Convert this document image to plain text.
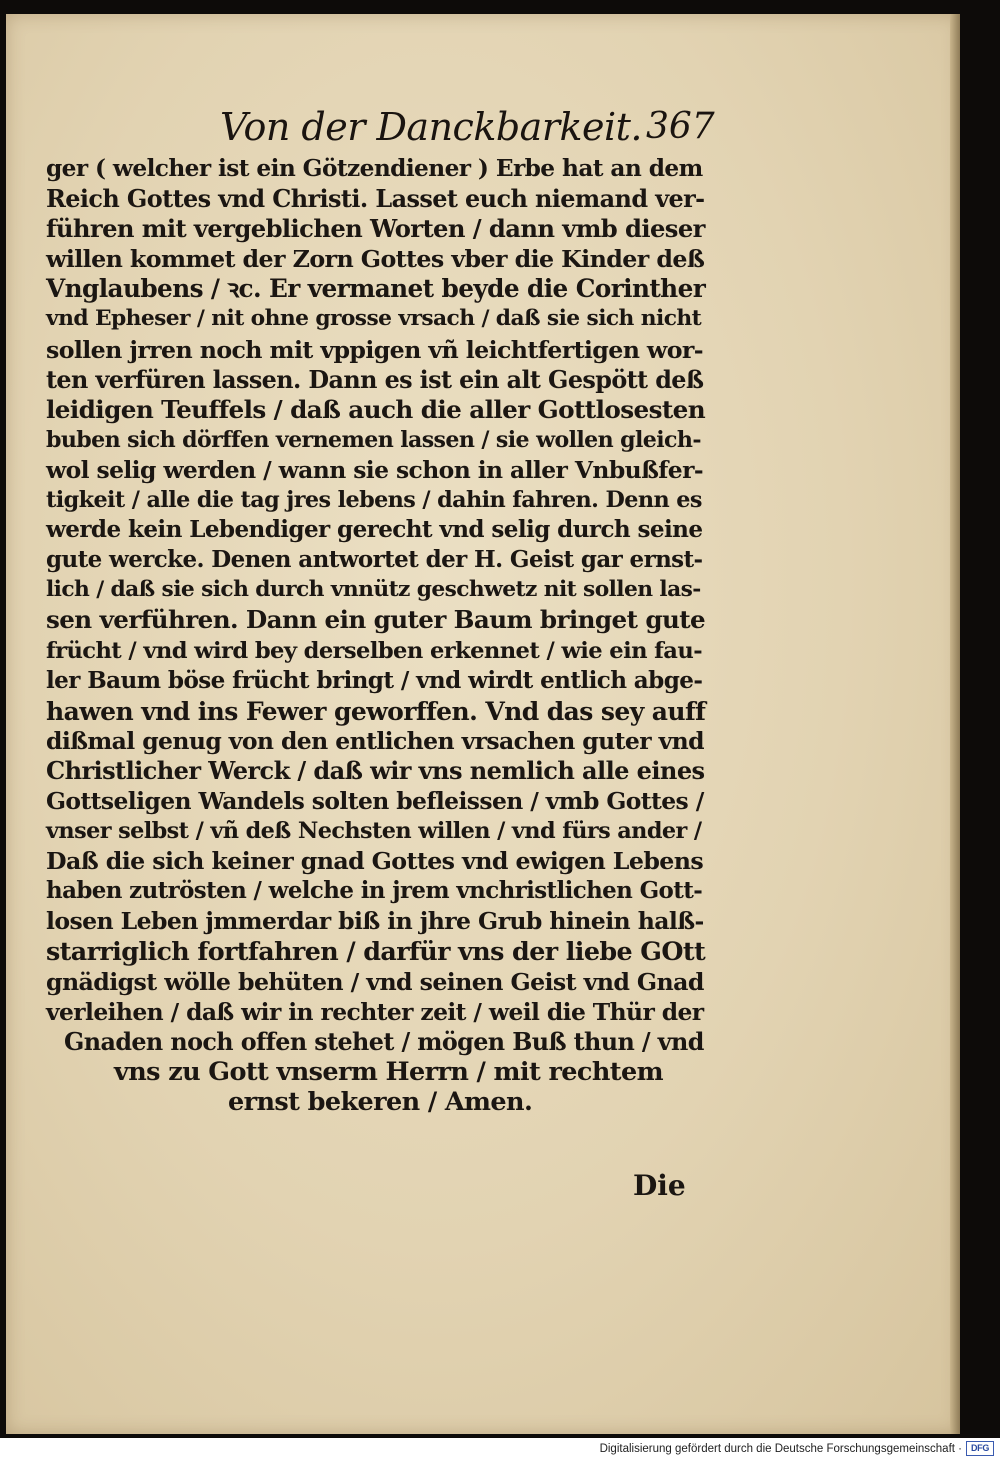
Von der Danckbarkeit. 367
ger ( welcher ist ein Götzendiener ) Erbe hat an dem
Reich Gottes vnd Christi. Lasset euch niemand ver-
führen mit vergeblichen Worten / dann vmb dieser
willen kommet der Zorn Gottes vber die Kinder deß
Vnglaubens / ꝛc. Er vermanet beyde die Corinther
vnd Epheser / nit ohne grosse vrsach / daß sie sich nicht
sollen jrren noch mit vppigen vñ leichtfertigen wor-
ten verfüren lassen. Dann es ist ein alt Gespött deß
leidigen Teuffels / daß auch die aller Gottlosesten
buben sich dörffen vernemen lassen / sie wollen gleich-
wol selig werden / wann sie schon in aller Vnbußfer-
tigkeit / alle die tag jres lebens / dahin fahren. Denn es
werde kein Lebendiger gerecht vnd selig durch seine
gute wercke. Denen antwortet der H. Geist gar ernst-
lich / daß sie sich durch vnnütz geschwetz nit sollen las-
sen verführen. Dann ein guter Baum bringet gute
frücht / vnd wird bey derselben erkennet / wie ein fau-
ler Baum böse frücht bringt / vnd wirdt entlich abge-
hawen vnd ins Fewer geworffen. Vnd das sey auff
dißmal genug von den entlichen vrsachen guter vnd
Christlicher Werck / daß wir vns nemlich alle eines
Gottseligen Wandels solten befleissen / vmb Gottes /
vnser selbst / vñ deß Nechsten willen / vnd fürs ander /
Daß die sich keiner gnad Gottes vnd ewigen Lebens
haben zutrösten / welche in jrem vnchristlichen Gott-
losen Leben jmmerdar biß in jhre Grub hinein halß-
starriglich fortfahren / darfür vns der liebe GOtt
gnädigst wölle behüten / vnd seinen Geist vnd Gnad
verleihen / daß wir in rechter zeit / weil die Thür der
Gnaden noch offen stehet / mögen Buß thun / vnd
vns zu Gott vnserm Herrn / mit rechtem
ernst bekeren / Amen.
Die
Digitalisierung gefördert durch die Deutsche Forschungsgemeinschaft · DFG
